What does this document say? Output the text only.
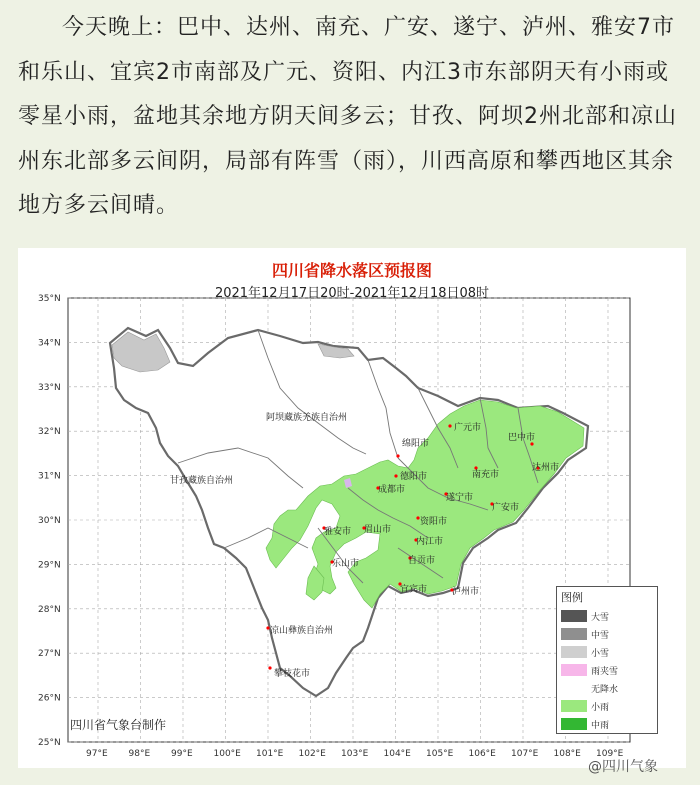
今天晚上：巴中、达州、南充、广安、遂宁、泸州、雅安7市和乐山、宜宾2市南部及广元、资阳、内江3市东部阴天有小雨或零星小雨，盆地其余地方阴天间多云；甘孜、阿坝2州北部和凉山州东北部多云间阴，局部有阵雪（雨），川西高原和攀西地区其余地方多云间晴。
阿坝藏族羌族自治州
甘孜藏族自治州
凉山彝族自治州
攀枝花市
广元市
巴中市
绵阳市
德阳市	南充市
达州市
成都市
遂宁市
广安市
资阳市
雅安市 眉山市
内江市
自贡市
乐山市
宜宾市	泸州市
35°N
34°N
33°N
32°N
31°N
30°N
29°N
28°N
27°N
26°N
25°N
97°E 98°E 99°E 100°E 101°E 102°E 103°E 104°E 105°E 106°E 107°E 108°E 109°E
四川省降水落区预报图
2021年12月17日20时-2021年12月18日08时
四川省气象台制作
图例
大雪
中雪
小雪
雨夹雪
无降水
小雨
中雨
@四川气象
